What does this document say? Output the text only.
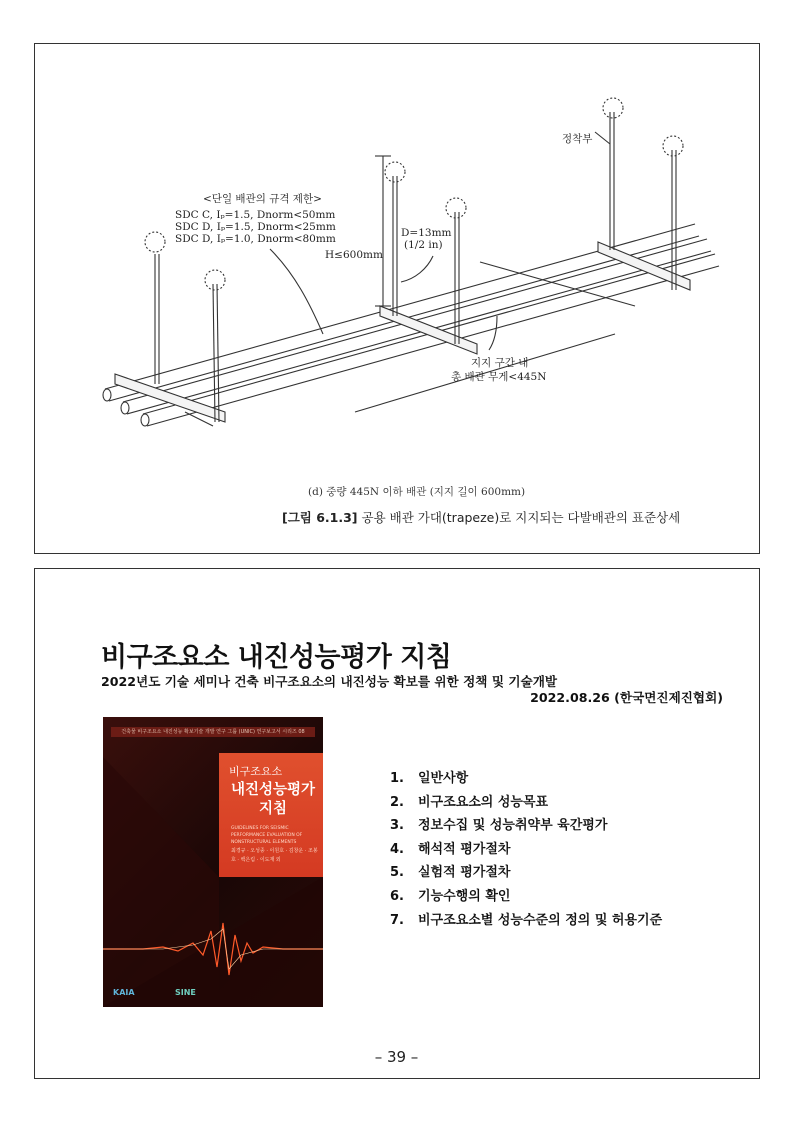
<단일 배관의 규격 제한>
SDC C, Iₚ=1.5, Dnorm<50mm
SDC D, Iₚ=1.5, Dnorm<25mm
SDC D, Iₚ=1.0, Dnorm<80mm
H≤600mm
D=13mm
(1/2 in)
정착부
지지 구간 내
총 배관 무게<445N
(d) 중량 445N 이하 배관 (지지 길이 600mm)
[그림 6.1.3] 공용 배관 가대(trapeze)로 지지되는 다발배관의 표준상세
비구조요소 내진성능평가 지침
2022년도 기술 세미나 건축 비구조요소의 내진성능 확보를 위한 정책 및 기술개발
2022.08.26 (한국면진제진협회)
건축물 비구조요소 내진성능 확보기술 개발 연구 그룹 (UNIC) 연구보고서 시리즈 08
비구조요소
내진성능평가
지침
GUIDELINES FOR SEISMIC PERFORMANCE EVALUATION OF NONSTRUCTURAL ELEMENTS
최경규 · 오성종 · 이원호 · 김창운 · 조봉호 · 백은림 · 이도재 외
KAIA	SINE
1. 일반사항
2. 비구조요소의 성능목표
3. 정보수집 및 성능취약부 육간평가
4. 해석적 평가절차
5. 실험적 평가절차
6. 기능수행의 확인
7. 비구조요소별 성능수준의 정의 및 허용기준
– 39 –
